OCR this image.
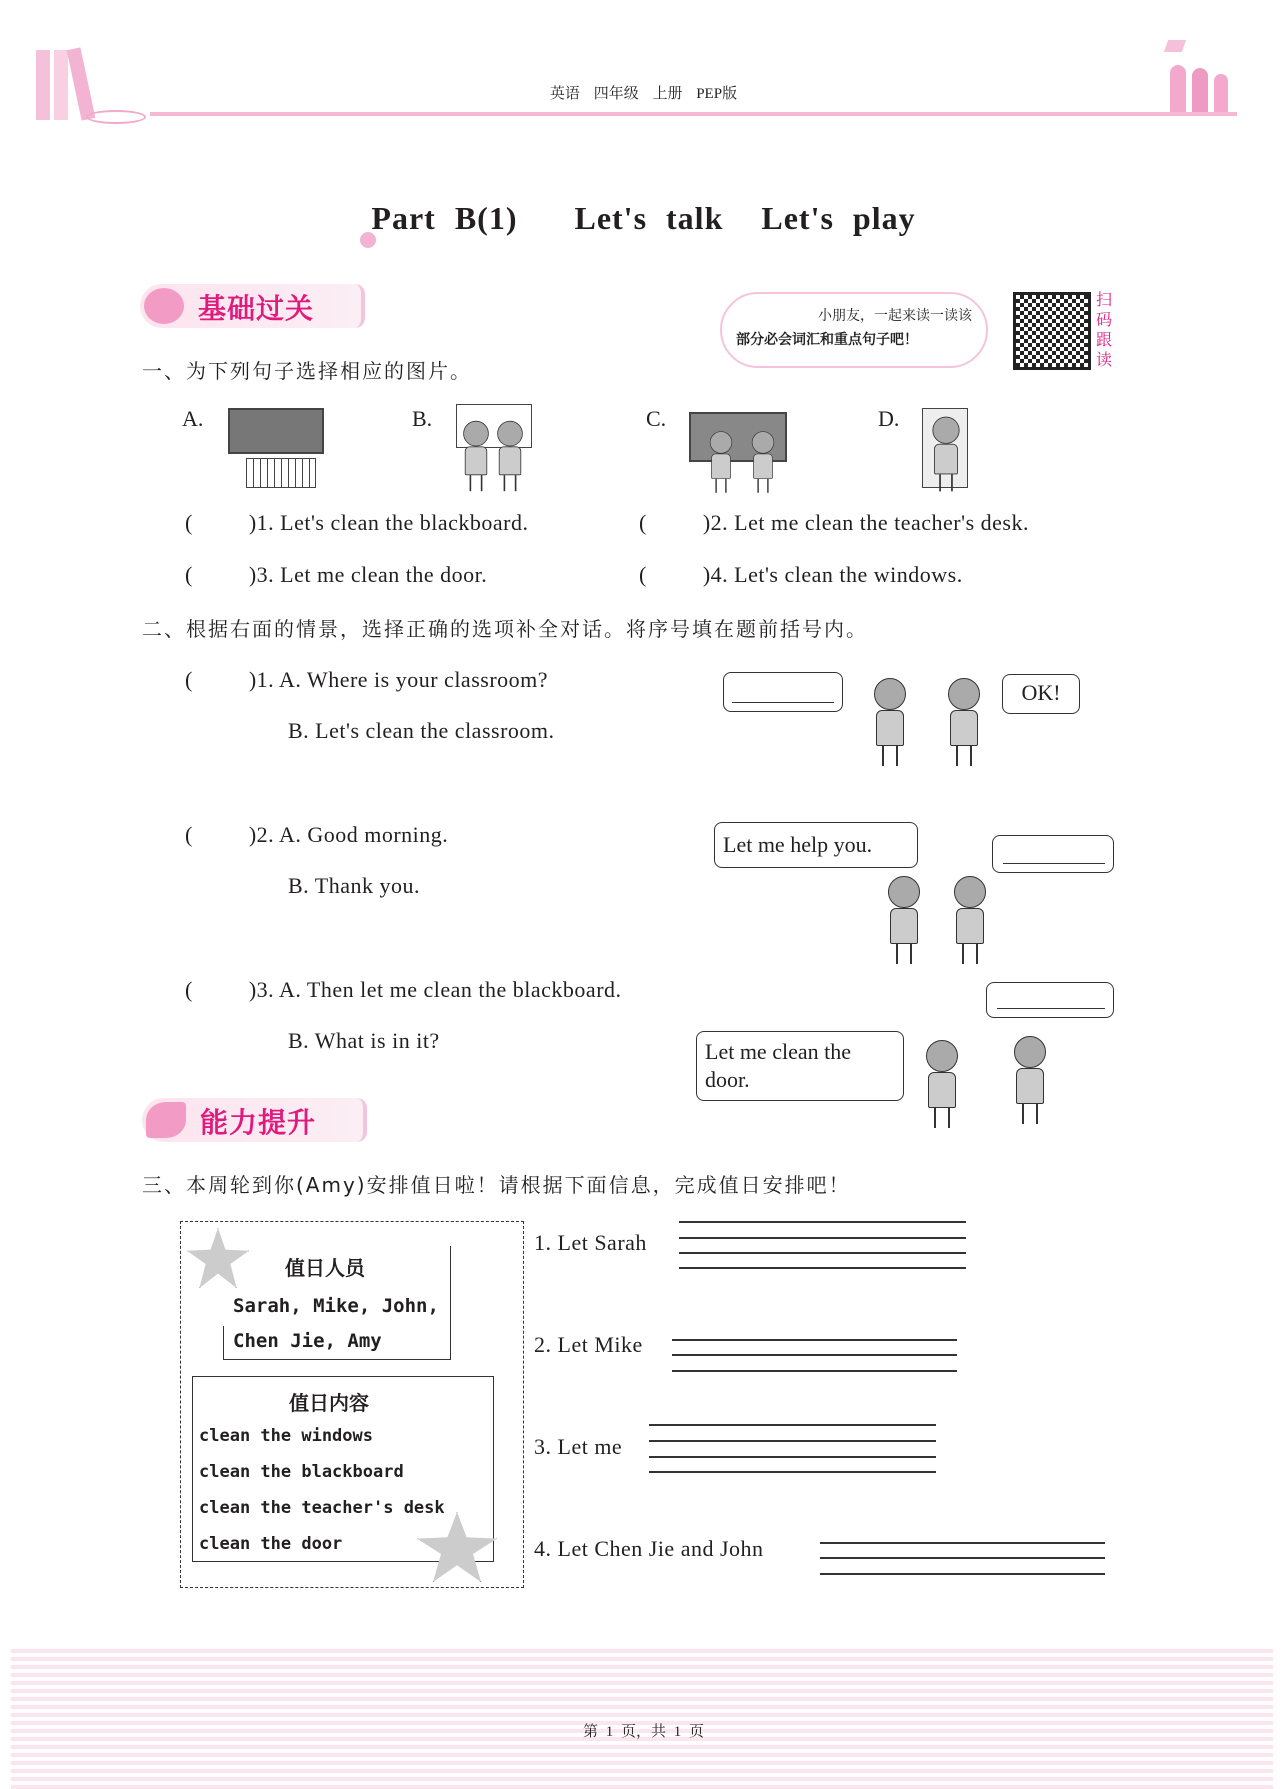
英语 四年级 上册 PEP版
Part B(1)   Let's talk  Let's play
基础过关	小朋友，一起来读一读该
部分必会词汇和重点句子吧！
扫码跟读
一、为下列句子选择相应的图片。
A.	B.	C.	D.
(	)1. Let's clean the blackboard.	(	)2. Let me clean the teacher's desk.
(	)3. Let me clean the door.	(	)4. Let's clean the windows.
二、根据右面的情景，选择正确的选项补全对话。将序号填在题前括号内。
(	)1. A. Where is your classroom?
B. Let's clean the classroom.
OK!
(	)2. A. Good morning.
B. Thank you.
Let me help you.
(	)3. A. Then let me clean the blackboard.
B. What is in it?	Let me clean the door.
能力提升
三、本周轮到你(Amy)安排值日啦！请根据下面信息，完成值日安排吧！
值日人员
Sarah, Mike, John,
Chen Jie, Amy
值日内容
clean the windows
clean the blackboard
clean the teacher's desk
clean the door
1. Let Sarah
2. Let Mike
3. Let me
4. Let Chen Jie and John
第 1 页，共 1 页
